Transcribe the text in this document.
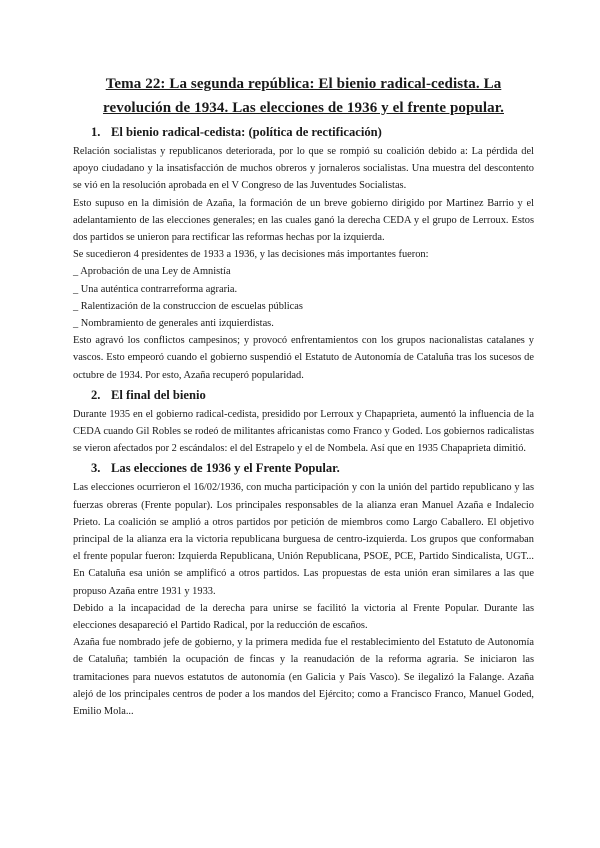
Tema 22: La segunda república: El bienio radical-cedista. La
revolución de 1934. Las elecciones de 1936 y el frente popular.
1. El bienio radical-cedista: (política de rectificación)

Relación socialistas y republicanos deteriorada, por lo que se rompió su coalición debido a: La pérdida del apoyo ciudadano y la insatisfacción de muchos obreros y jornaleros socialistas. Una muestra del descontento se vió en la resolución aprobada en el V Congreso de las Juventudes Socialistas.

Esto supuso en la dimisión de Azaña, la formación de un breve gobierno dirigido por Martinez Barrio y el adelantamiento de las elecciones generales; en las cuales ganó la derecha CEDA y el grupo de Lerroux. Estos dos partidos se unieron para rectificar las reformas hechas por la izquierda.

Se sucedieron 4 presidentes de 1933 a 1936, y las decisiones más importantes fueron:

_ Aprobación de una Ley de Amnistía

_ Una auténtica contrarreforma agraria.

_ Ralentización de la construccion de escuelas públicas

_ Nombramiento de generales anti izquierdistas.

Esto agravó los conflictos campesinos; y provocó enfrentamientos con los grupos nacionalistas catalanes y vascos. Esto empeoró cuando el gobierno suspendió el Estatuto de Autonomía de Cataluña tras los sucesos de octubre de 1934. Por esto, Azaña recuperó popularidad.

2. El final del bienio

Durante 1935 en el gobierno radical-cedista, presidido por Lerroux y Chapaprieta, aumentó la influencia de la CEDA cuando Gil Robles se rodeó de militantes africanistas como Franco y Goded. Los gobiernos radicalistas se vieron afectados por 2 escándalos: el del Estrapelo y el de Nombela. Así que en 1935 Chapaprieta dimitió.

3. Las elecciones de 1936 y el Frente Popular.

Las elecciones ocurrieron el 16/02/1936, con mucha participación y con la unión del partido republicano y las fuerzas obreras (Frente popular). Los principales responsables de la alianza eran Manuel Azaña e Indalecio Prieto. La coalición se amplió a otros partidos por petición de miembros como Largo Caballero. El objetivo principal de la alianza era la victoria republicana burguesa de centro-izquierda. Los grupos que conformaban el frente popular fueron: Izquierda Republicana, Unión Republicana, PSOE, PCE, Partido Sindicalista, UGT... En Cataluña esa unión se amplificó a otros partidos. Las propuestas de esta unión eran similares a las que propuso Azaña entre 1931 y 1933.

Debido a la incapacidad de la derecha para unirse se facilitó la victoria al Frente Popular. Durante las elecciones desapareció el Partido Radical, por la reducción de escaños.

Azaña fue nombrado jefe de gobierno, y la primera medida fue el restablecimiento del Estatuto de Autonomía de Cataluña; también la ocupación de fincas y la reanudación de la reforma agraria. Se iniciaron las tramitaciones para nuevos estatutos de autonomía (en Galicia y País Vasco). Se ilegalizó la Falange. Azaña alejó de los principales centros de poder a los mandos del Ejército; como a Francisco Franco, Manuel Goded, Emilio Mola...
